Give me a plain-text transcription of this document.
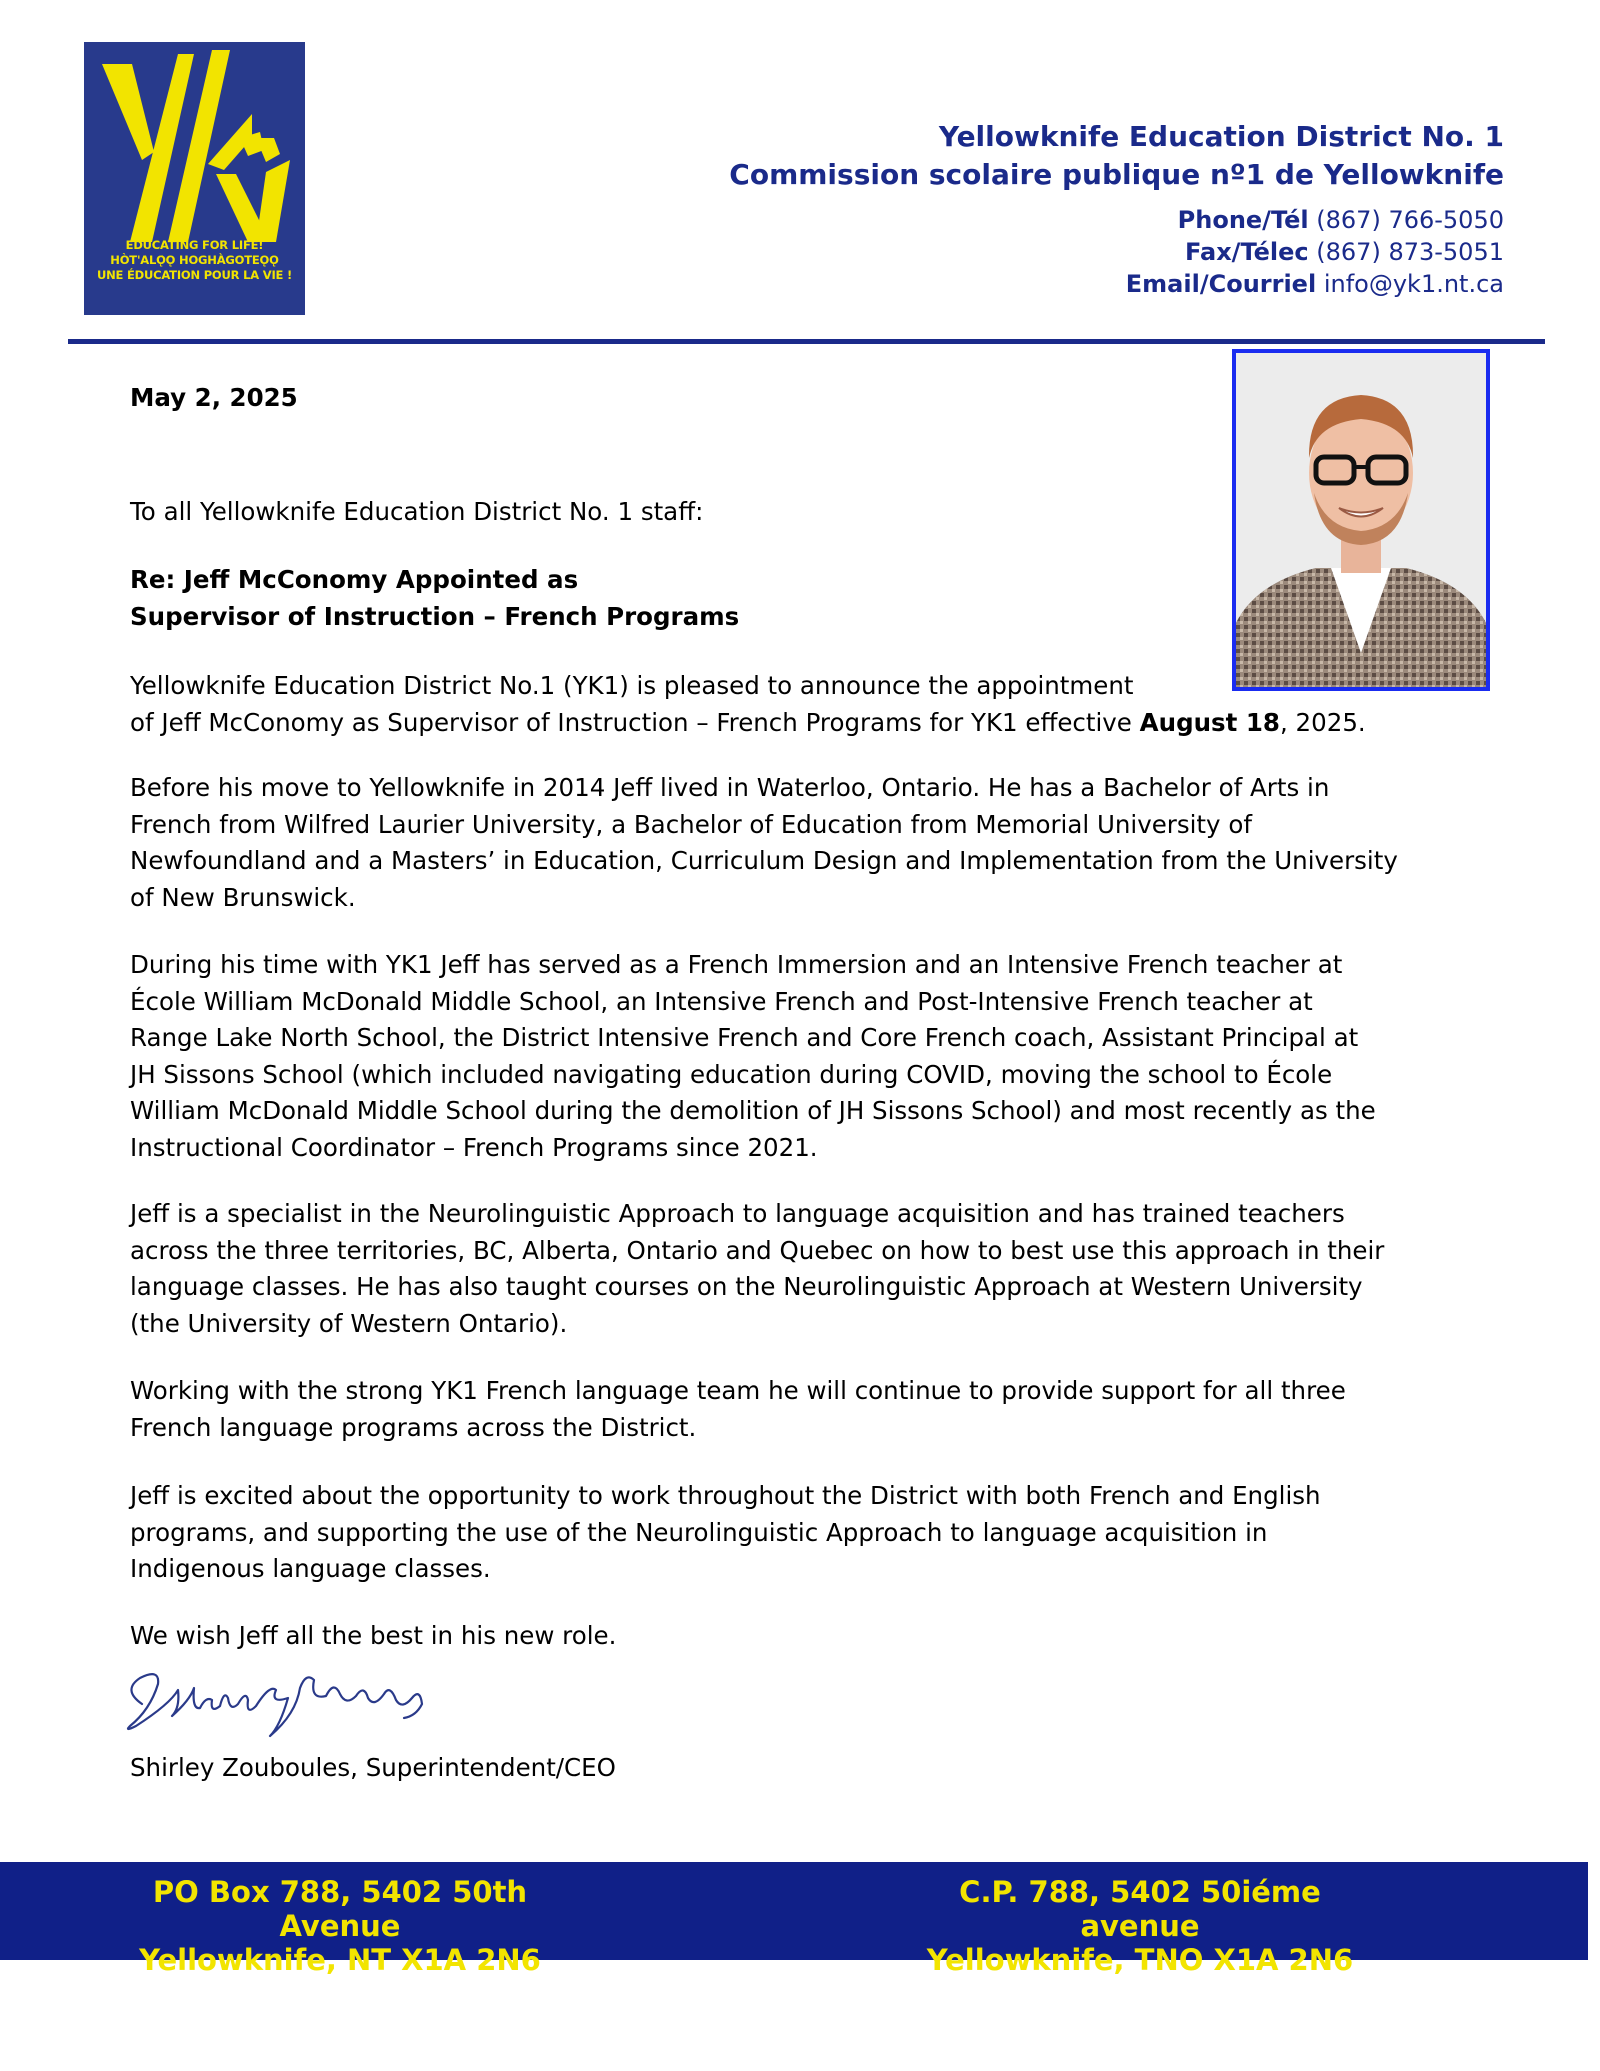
EDUCATING FOR LIFE!
HÒT'ALǪ̀Ǫ HOGHÀGOTEǪǪ
UNE ÉDUCATION POUR LA VIE !
Yellowknife Education District No. 1
Commission scolaire publique nº1 de Yellowknife
Phone/Tél (867) 766-5050
Fax/Télec (867) 873-5051
Email/Courriel info@yk1.nt.ca

May 2, 2025

To all Yellowknife Education District No. 1 staff:

Re: Jeff McConomy Appointed as
Supervisor of Instruction – French Programs
Yellowknife Education District No.1 (YK1) is pleased to announce the appointment
of Jeff McConomy as Supervisor of Instruction – French Programs for YK1 effective August 18, 2025.
Before his move to Yellowknife in 2014 Jeff lived in Waterloo, Ontario. He has a Bachelor of Arts in
French from Wilfred Laurier University, a Bachelor of Education from Memorial University of
Newfoundland and a Masters’ in Education, Curriculum Design and Implementation from the University
of New Brunswick.
During his time with YK1 Jeff has served as a French Immersion and an Intensive French teacher at
École William McDonald Middle School, an Intensive French and Post-Intensive French teacher at
Range Lake North School, the District Intensive French and Core French coach, Assistant Principal at
JH Sissons School (which included navigating education during COVID, moving the school to École
William McDonald Middle School during the demolition of JH Sissons School) and most recently as the
Instructional Coordinator – French Programs since 2021.
Jeff is a specialist in the Neurolinguistic Approach to language acquisition and has trained teachers
across the three territories, BC, Alberta, Ontario and Quebec on how to best use this approach in their
language classes. He has also taught courses on the Neurolinguistic Approach at Western University
(the University of Western Ontario).
Working with the strong YK1 French language team he will continue to provide support for all three
French language programs across the District.
Jeff is excited about the opportunity to work throughout the District with both French and English
programs, and supporting the use of the Neurolinguistic Approach to language acquisition in
Indigenous language classes.

We wish Jeff all the best in his new role.

Shirley Zouboules, Superintendent/CEO

PO Box 788, 5402 50th Avenue
Yellowknife, NT X1A 2N6
C.P. 788, 5402 50iéme avenue
Yellowknife, TNO X1A 2N6
